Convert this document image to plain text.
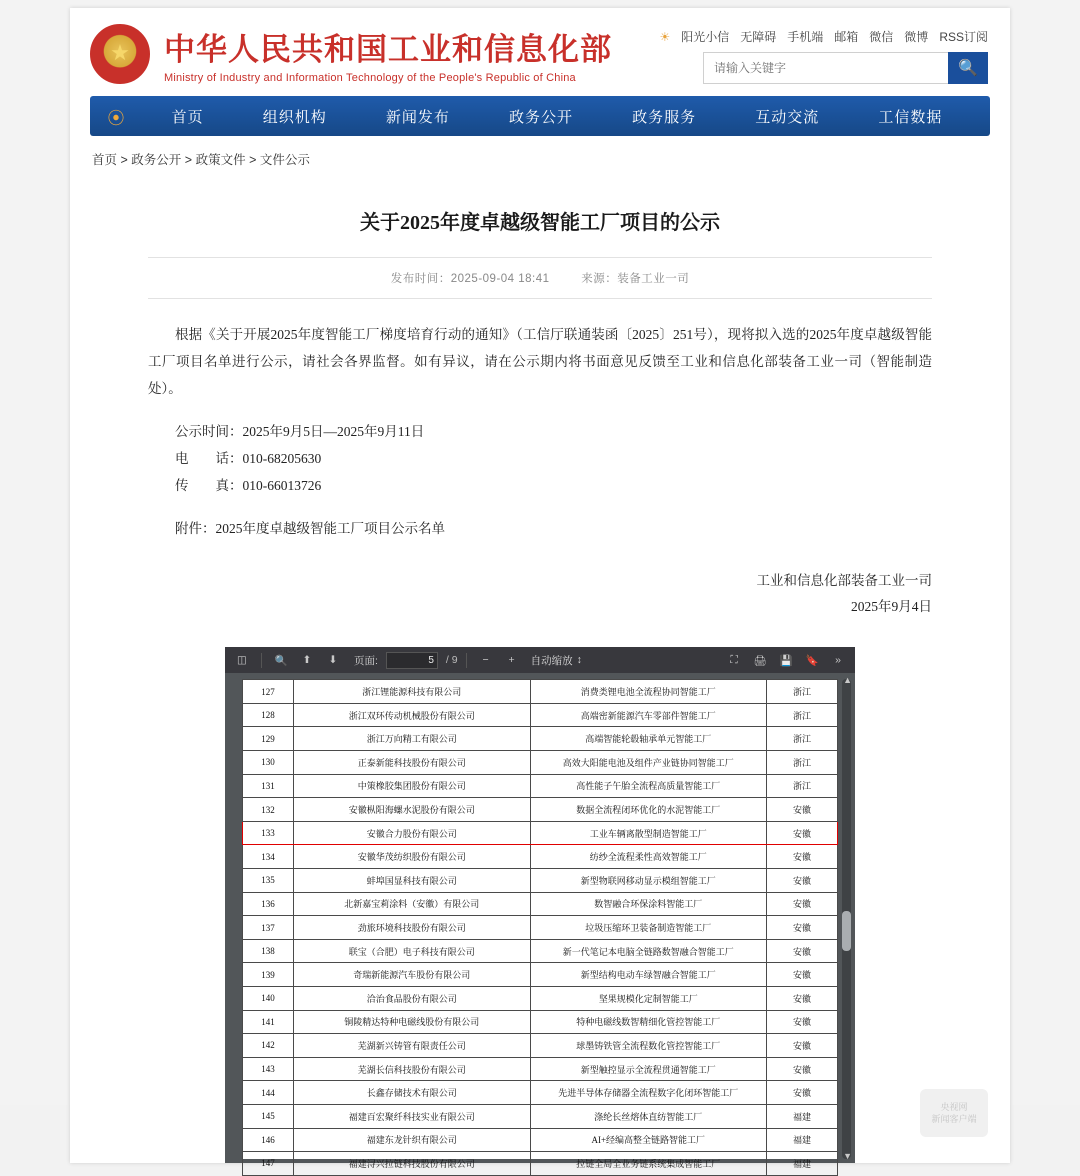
★
中华人民共和国工业和信息化部
Ministry of Industry and Information Technology of the People's Republic of China
☀ 阳光小信 无障碍 手机端 邮箱 微信 微博 RSS订阅
请输入关键字
🔍
⦿	首页	组织机构	新闻发布	政务公开	政务服务	互动交流	工信数据
首页 > 政务公开 > 政策文件 > 文件公示
关于2025年度卓越级智能工厂项目的公示
发布时间：2025-09-04 18:41	来源：装备工业一司
根据《关于开展2025年度智能工厂梯度培育行动的通知》（工信厅联通装函〔2025〕251号），现将拟入选的2025年度卓越级智能工厂项目名单进行公示，请社会各界监督。如有异议，请在公示期内将书面意见反馈至工业和信息化部装备工业一司（智能制造处）。
公示时间：2025年9月5日—2025年9月11日
电　　话：010-68205630
传　　真：010-66013726
附件：2025年度卓越级智能工厂项目公示名单
工业和信息化部装备工业一司
2025年9月4日
◫	🔍	⬆	⬇	页面:
5	/ 9	−	+	自动缩放 ↕	⛶	🖨	💾	🔖	»
127	浙江锂能源科技有限公司	消费类锂电池全流程协同智能工厂	浙江
128	浙江双环传动机械股份有限公司	高端密新能源汽车零部件智能工厂	浙江
129	浙江万向精工有限公司	高端智能轮毂轴承单元智能工厂	浙江
130	正泰新能科技股份有限公司	高效大阳能电池及组件产业链协同智能工厂	浙江
131	中策橡胶集团股份有限公司	高性能子午胎全流程高质量智能工厂	浙江
132	安徽枞阳海螺水泥股份有限公司	数据全流程闭环优化的水泥智能工厂	安徽
133	安徽合力股份有限公司	工业车辆离散型制造智能工厂	安徽
134	安徽华茂纺织股份有限公司	纺纱全流程柔性高效智能工厂	安徽
135	蚌埠国显科技有限公司	新型物联网移动显示模组智能工厂	安徽
136	北新嘉宝莉涂料（安徽）有限公司	数智融合环保涂料智能工厂	安徽
137	劲旅环境科技股份有限公司	垃圾压缩环卫装备制造智能工厂	安徽
138	联宝（合肥）电子科技有限公司	新一代笔记本电脑全链路数智融合智能工厂	安徽
139	奇瑞新能源汽车股份有限公司	新型结构电动车绿智融合智能工厂	安徽
140	洽治食品股份有限公司	坚果规模化定制智能工厂	安徽
141	铜陵精达特种电磁线股份有限公司	特种电磁线数智精细化管控智能工厂	安徽
142	芜湖新兴铸管有限责任公司	球墨铸铁管全流程数化管控智能工厂	安徽
143	芜湖长信科技股份有限公司	新型触控显示全流程贯通智能工厂	安徽
144	长鑫存储技术有限公司	先进半导体存储器全流程数字化闭环智能工厂	安徽
145	福建百宏聚纤科技实业有限公司	涤纶长丝熔体直纺智能工厂	福建
146	福建东龙针织有限公司	AI+经编高整全链路智能工厂	福建
147	福建浔兴拉链科技股份有限公司	拉链全局全业务链系统集成智能工厂	福建
▲
▼
央视网
新闻客户端
